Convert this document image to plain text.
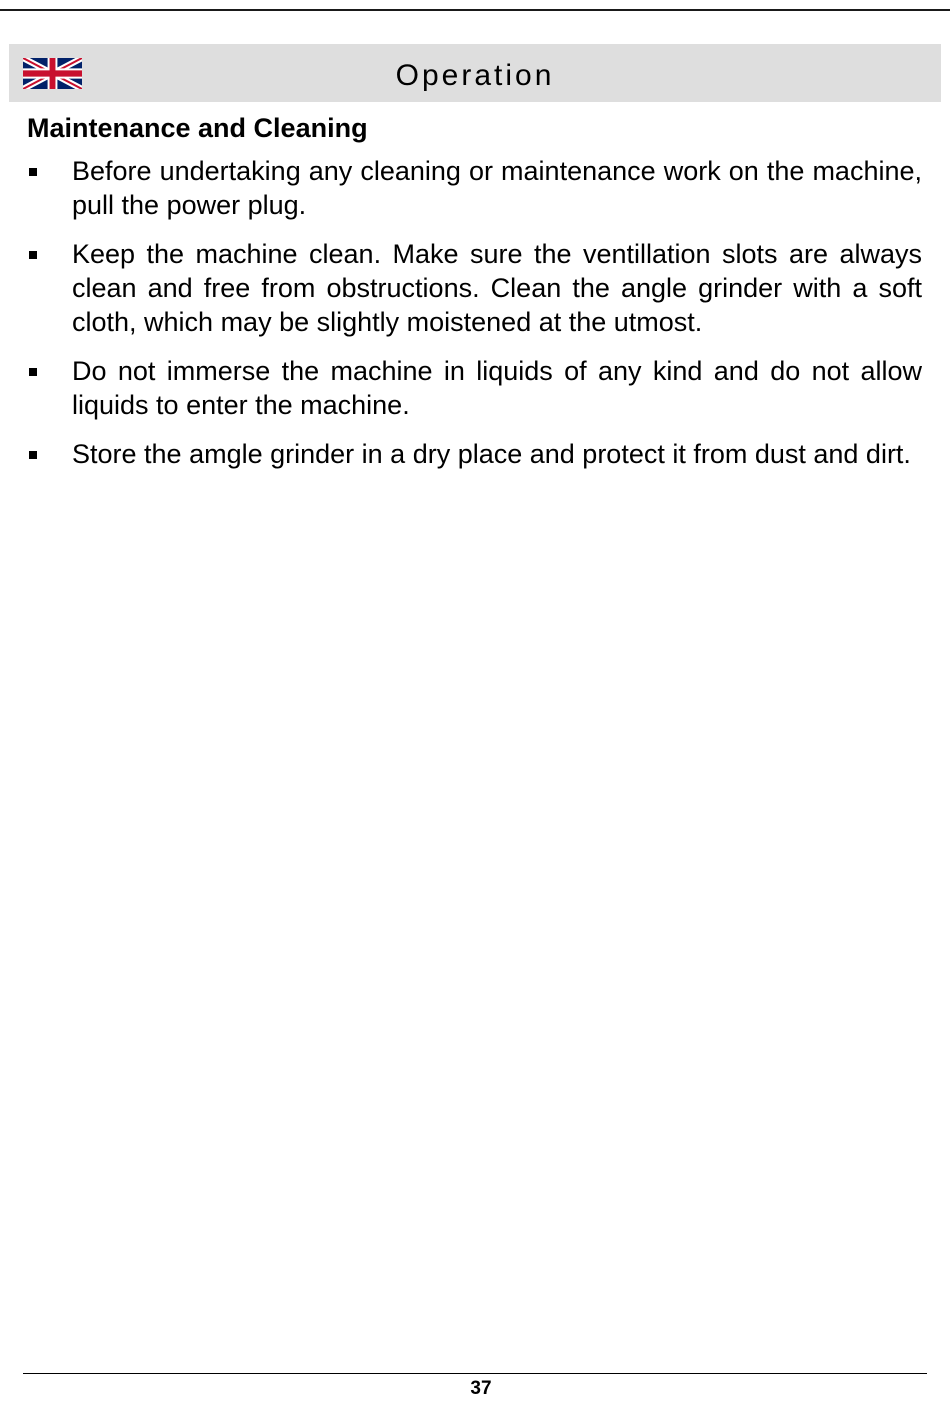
Operation
Maintenance and Cleaning
Before undertaking any cleaning or maintenance work on the machine, pull the power plug.
Keep the machine clean. Make sure the ventillation slots are always clean and free from obstructions. Clean the angle grinder with a soft cloth, which may be slightly moistened at the utmost.
Do not immerse the machine in liquids of any kind and do not allow liquids to enter the machine.
Store the amgle grinder in a dry place and protect it from dust and dirt.
37
